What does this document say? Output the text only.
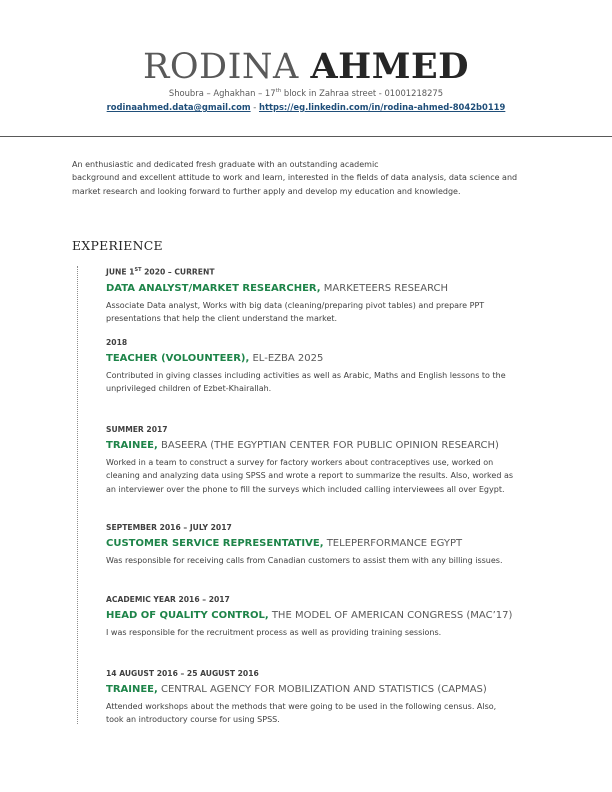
RODINA AHMED
Shoubra – Aghakhan – 17th block in Zahraa street - 01001218275
rodinaahmed.data@gmail.com - https://eg.linkedin.com/in/rodina-ahmed-8042b0119

An enthusiastic and dedicated fresh graduate with an outstanding academic

background and excellent attitude to work and learn, interested in the fields of data analysis, data science and market research and looking forward to further apply and develop my education and knowledge.

EXPERIENCE
JUNE 1ST 2020 – CURRENT
DATA ANALYST/MARKET RESEARCHER, MARKETEERS RESEARCH
Associate Data analyst, Works with big data (cleaning/preparing pivot tables) and prepare PPT presentations that help the client understand the market.
2018
TEACHER (VOLOUNTEER), EL-EZBA 2025
Contributed in giving classes including activities as well as Arabic, Maths and English lessons to the unprivileged children of Ezbet-Khairallah.
SUMMER 2017
TRAINEE, BASEERA (THE EGYPTIAN CENTER FOR PUBLIC OPINION RESEARCH)
Worked in a team to construct a survey for factory workers about contraceptives use, worked on cleaning and analyzing data using SPSS and wrote a report to summarize the results. Also, worked as an interviewer over the phone to fill the surveys which included calling interviewees all over Egypt.
SEPTEMBER 2016 – JULY 2017
CUSTOMER SERVICE REPRESENTATIVE, TELEPERFORMANCE EGYPT
Was responsible for receiving calls from Canadian customers to assist them with any billing issues.
ACADEMIC YEAR 2016 – 2017
HEAD OF QUALITY CONTROL, THE MODEL OF AMERICAN CONGRESS (MAC’17)
I was responsible for the recruitment process as well as providing training sessions.
14 AUGUST 2016 – 25 AUGUST 2016
TRAINEE, CENTRAL AGENCY FOR MOBILIZATION AND STATISTICS (CAPMAS)
Attended workshops about the methods that were going to be used in the following census. Also, took an introductory course for using SPSS.
